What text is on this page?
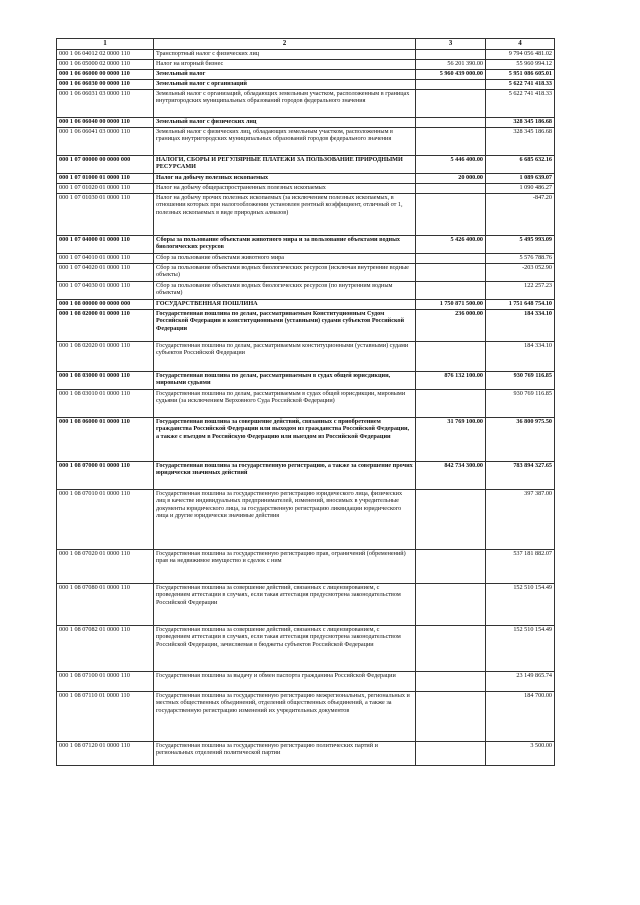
1	2	3	4
000 1 06 04012 02 0000 110	Транспортный налог с физических лиц		9 794 056 481.02
000 1 06 05000 02 0000 110	Налог на игорный бизнес	56 201 390.00	55 960 994.12
000 1 06 06000 00 0000 110	Земельный налог	5 960 439 000.00	5 951 086 605.01
000 1 06 06030 00 0000 110	Земельный налог с организаций		5 622 741 418.33
000 1 06 06031 03 0000 110	Земельный налог с организаций, обладающих земельным участком, расположенным в границах внутригородских муниципальных образований городов федерального значения		5 622 741 418.33
000 1 06 06040 00 0000 110	Земельный налог с физических лиц		328 345 186.68
000 1 06 06041 03 0000 110	Земельный налог с физических лиц, обладающих земельным участком, расположенным в границах внутригородских муниципальных образований городов федерального значения		328 345 186.68
000 1 07 00000 00 0000 000	НАЛОГИ, СБОРЫ И РЕГУЛЯРНЫЕ ПЛАТЕЖИ ЗА ПОЛЬЗОВАНИЕ ПРИРОДНЫМИ РЕСУРСАМИ	5 446 400.00	6 685 632.16
000 1 07 01000 01 0000 110	Налог на добычу полезных ископаемых	20 000.00	1 089 639.07
000 1 07 01020 01 0000 110	Налог на добычу общераспространенных полезных ископаемых		1 090 486.27
000 1 07 01030 01 0000 110	Налог на добычу прочих полезных ископаемых (за исключением полезных ископаемых, в отношении которых при налогообложении установлен рентный коэффициент, отличный от 1, полезных ископаемых в виде природных алмазов)		-847.20
000 1 07 04000 01 0000 110	Сборы за пользование объектами животного мира и за пользование объектами водных биологических ресурсов	5 426 400.00	5 495 993.09
000 1 07 04010 01 0000 110	Сбор за пользование объектами животного мира		5 576 788.76
000 1 07 04020 01 0000 110	Сбор за пользование объектами водных биологических ресурсов (исключая внутренние водные объекты)		-203 052.90
000 1 07 04030 01 0000 110	Сбор за пользование объектами водных биологических ресурсов (по внутренним водным объектам)		122 257.23
000 1 08 00000 00 0000 000	ГОСУДАРСТВЕННАЯ ПОШЛИНА	1 750 871 500.00	1 751 648 754.10
000 1 08 02000 01 0000 110	Государственная пошлина по делам, рассматриваемым Конституционным Судом Российской Федерации и конституционными (уставными) судами субъектов Российской Федерации	236 000.00	184 334.10
000 1 08 02020 01 0000 110	Государственная пошлина по делам, рассматриваемым конституционными (уставными) судами субъектов Российской Федерации		184 334.10
000 1 08 03000 01 0000 110	Государственная пошлина по делам, рассматриваемым в судах общей юрисдикции, мировыми судьями	876 132 100.00	930 769 116.85
000 1 08 03010 01 0000 110	Государственная пошлина по делам, рассматриваемым в судах общей юрисдикции, мировыми судьями (за исключением Верховного Суда Российской Федерации)		930 769 116.85
000 1 08 06000 01 0000 110	Государственная пошлина за совершение действий, связанных с приобретением гражданства Российской Федерации или выходом из гражданства Российской Федерации, а также с въездом в Российскую Федерацию или выездом из Российской Федерации	31 769 100.00	36 800 975.50
000 1 08 07000 01 0000 110	Государственная пошлина за государственную регистрацию, а также за совершение прочих юридически значимых действий	842 734 300.00	783 894 327.65
000 1 08 07010 01 0000 110	Государственная пошлина за государственную регистрацию юридического лица, физических лиц в качестве индивидуальных предпринимателей, изменений, вносимых в учредительные документы юридического лица, за государственную регистрацию ликвидации юридического лица и другие юридически значимые действия		397 387.00
000 1 08 07020 01 0000 110	Государственная пошлина за государственную регистрацию прав, ограничений (обременений) прав на недвижимое имущество и сделок с ним		537 181 882.07
000 1 08 07080 01 0000 110	Государственная пошлина за совершение действий, связанных с лицензированием, с проведением аттестации в случаях, если такая аттестация предусмотрена законодательством Российской Федерации		152 510 154.49
000 1 08 07082 01 0000 110	Государственная пошлина за совершение действий, связанных с лицензированием, с проведением аттестации в случаях, если такая аттестация предусмотрена законодательством Российской Федерации, зачисляемая в бюджеты субъектов Российской Федерации		152 510 154.49
000 1 08 07100 01 0000 110	Государственная пошлина за выдачу и обмен паспорта гражданина Российской Федерации		23 149 865.74
000 1 08 07110 01 0000 110	Государственная пошлина за государственную регистрацию межрегиональных, региональных и местных общественных объединений, отделений общественных объединений, а также за государственную регистрацию изменений их учредительных документов		184 700.00
000 1 08 07120 01 0000 110	Государственная пошлина за государственную регистрацию политических партий и региональных отделений политической партии		3 500.00
